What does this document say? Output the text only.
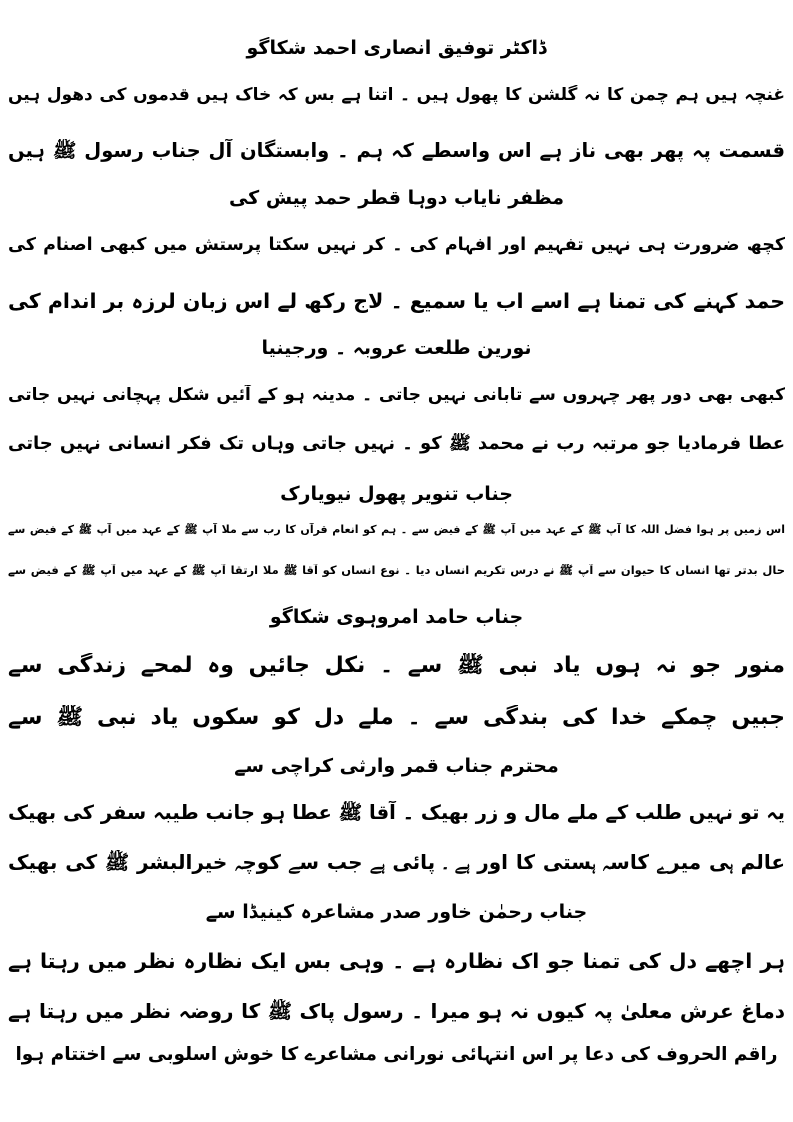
ڈاکٹر توفیق انصاری احمد شکاگو
غنچہ ہیں ہم چمن کا نہ گلشن کا پھول ہیں ۔ اتنا ہے بس کہ خاک ہیں قدموں کی دھول ہیں
قسمت پہ پھر بھی ناز ہے اس واسطے کہ ہم ۔ وابستگان آل جناب رسول ﷺ ہیں
مظفر نایاب دوہا قطر حمد پیش کی
کچھ ضرورت ہی نہیں تفہیم اور افہام کی ۔ کر نہیں سکتا پرستش میں کبھی اصنام کی
حمد کہنے کی تمنا ہے اسے اب یا سمیع ۔ لاج رکھ لے اس زبان لرزہ بر اندام کی
نورین طلعت عروبہ ۔ ورجینیا
کبھی بھی دور پھر چہروں سے تابانی نہیں جاتی ۔ مدینہ ہو کے آئیں شکل پہچانی نہیں جاتی
عطا فرمادیا جو مرتبہ رب نے محمد ﷺ کو ۔ نہیں جاتی وہاں تک فکر انسانی نہیں جاتی
جناب تنویر پھول نیویارک
اس زمیں پر ہوا فضل اللہ کا آپ ﷺ کے عہد میں آپ ﷺ کے فیض سے ۔ ہم کو انعام قرآں کا رب سے ملا آپ ﷺ کے عہد میں آپ ﷺ کے فیض سے
حال بدتر تھا انساں کا حیوان سے آپ ﷺ نے درس تکریم انساں دیا ۔ نوع انساں کو آقا ﷺ ملا ارتقا آپ ﷺ کے عہد میں آپ ﷺ کے فیض سے
جناب حامد امروہوی شکاگو
منور جو نہ ہوں یاد نبی ﷺ سے ۔ نکل جائیں وہ لمحے زندگی سے
جبیں چمکے خدا کی بندگی سے ۔ ملے دل کو سکوں یاد نبی ﷺ سے
محترم جناب قمر وارثی کراچی سے
یہ تو نہیں طلب کے ملے مال و زر بھیک ۔ آقا ﷺ عطا ہو جانب طیبہ سفر کی بھیک
عالم ہی میرے کاسہ ہستی کا اور ہے ۔ پائی ہے جب سے کوچہ خیرالبشر ﷺ کی بھیک
جناب رحمٰن خاور صدر مشاعرہ کینیڈا سے
ہر اچھے دل کی تمنا جو اک نظارہ ہے ۔ وہی بس ایک نظارہ نظر میں رہتا ہے
دماغ عرش معلیٰ پہ کیوں نہ ہو میرا ۔ رسول پاک ﷺ کا روضہ نظر میں رہتا ہے
راقم الحروف کی دعا پر اس انتہائی نورانی مشاعرے کا خوش اسلوبی سے اختتام ہوا
